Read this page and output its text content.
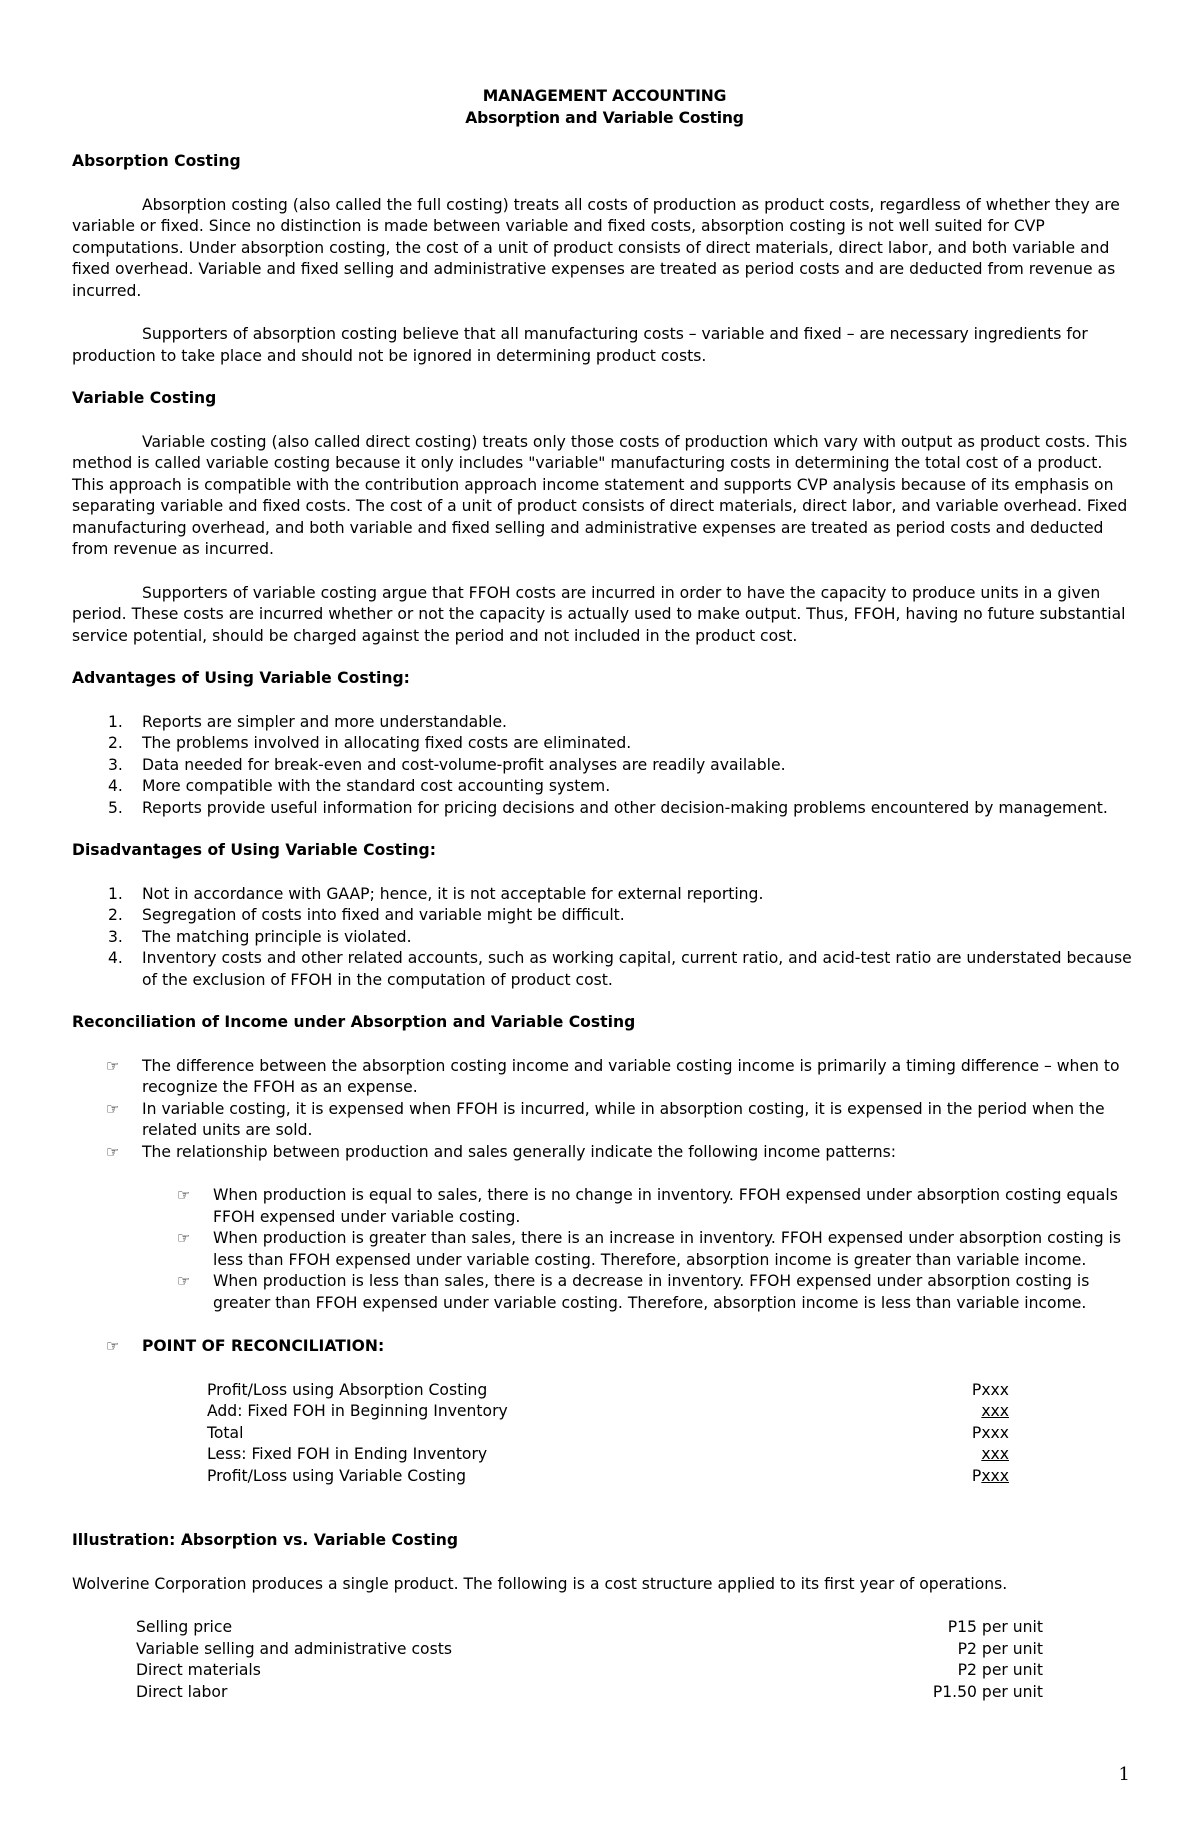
MANAGEMENT ACCOUNTING
Absorption and Variable Costing

Absorption Costing

Absorption costing (also called the full costing) treats all costs of production as product costs, regardless of whether they are variable or fixed. Since no distinction is made between variable and fixed costs, absorption costing is not well suited for CVP computations. Under absorption costing, the cost of a unit of product consists of direct materials, direct labor, and both variable and fixed overhead. Variable and fixed selling and administrative expenses are treated as period costs and are deducted from revenue as incurred.

Supporters of absorption costing believe that all manufacturing costs – variable and fixed – are necessary ingredients for production to take place and should not be ignored in determining product costs.

Variable Costing

Variable costing (also called direct costing) treats only those costs of production which vary with output as product costs. This method is called variable costing because it only includes "variable" manufacturing costs in determining the total cost of a product. This approach is compatible with the contribution approach income statement and supports CVP analysis because of its emphasis on separating variable and fixed costs. The cost of a unit of product consists of direct materials, direct labor, and variable overhead. Fixed manufacturing overhead, and both variable and fixed selling and administrative expenses are treated as period costs and deducted from revenue as incurred.

Supporters of variable costing argue that FFOH costs are incurred in order to have the capacity to produce units in a given period. These costs are incurred whether or not the capacity is actually used to make output. Thus, FFOH, having no future substantial service potential, should be charged against the period and not included in the product cost.

Advantages of Using Variable Costing:

1. Reports are simpler and more understandable.
2. The problems involved in allocating fixed costs are eliminated.
3. Data needed for break-even and cost-volume-profit analyses are readily available.
4. More compatible with the standard cost accounting system.
5. Reports provide useful information for pricing decisions and other decision-making problems encountered by management.

Disadvantages of Using Variable Costing:

1. Not in accordance with GAAP; hence, it is not acceptable for external reporting.
2. Segregation of costs into fixed and variable might be difficult.
3. The matching principle is violated.
4. Inventory costs and other related accounts, such as working capital, current ratio, and acid-test ratio are understated because of the exclusion of FFOH in the computation of product cost.

Reconciliation of Income under Absorption and Variable Costing

☞ The difference between the absorption costing income and variable costing income is primarily a timing difference – when to recognize the FFOH as an expense.
☞ In variable costing, it is expensed when FFOH is incurred, while in absorption costing, it is expensed in the period when the related units are sold.
☞ The relationship between production and sales generally indicate the following income patterns:
☞ When production is equal to sales, there is no change in inventory. FFOH expensed under absorption costing equals FFOH expensed under variable costing.
☞ When production is greater than sales, there is an increase in inventory. FFOH expensed under absorption costing is less than FFOH expensed under variable costing. Therefore, absorption income is greater than variable income.
☞ When production is less than sales, there is a decrease in inventory. FFOH expensed under absorption costing is greater than FFOH expensed under variable costing. Therefore, absorption income is less than variable income.
☞ POINT OF RECONCILIATION:
Profit/Loss using Absorption Costing	Pxxx
Add: Fixed FOH in Beginning Inventory	xxx
Total	Pxxx
Less: Fixed FOH in Ending Inventory	xxx
Profit/Loss using Variable Costing	Pxxx

Illustration: Absorption vs. Variable Costing

Wolverine Corporation produces a single product. The following is a cost structure applied to its first year of operations.

Selling price	P15 per unit
Variable selling and administrative costs	P2 per unit
Direct materials	P2 per unit
Direct labor	P1.50 per unit
1
